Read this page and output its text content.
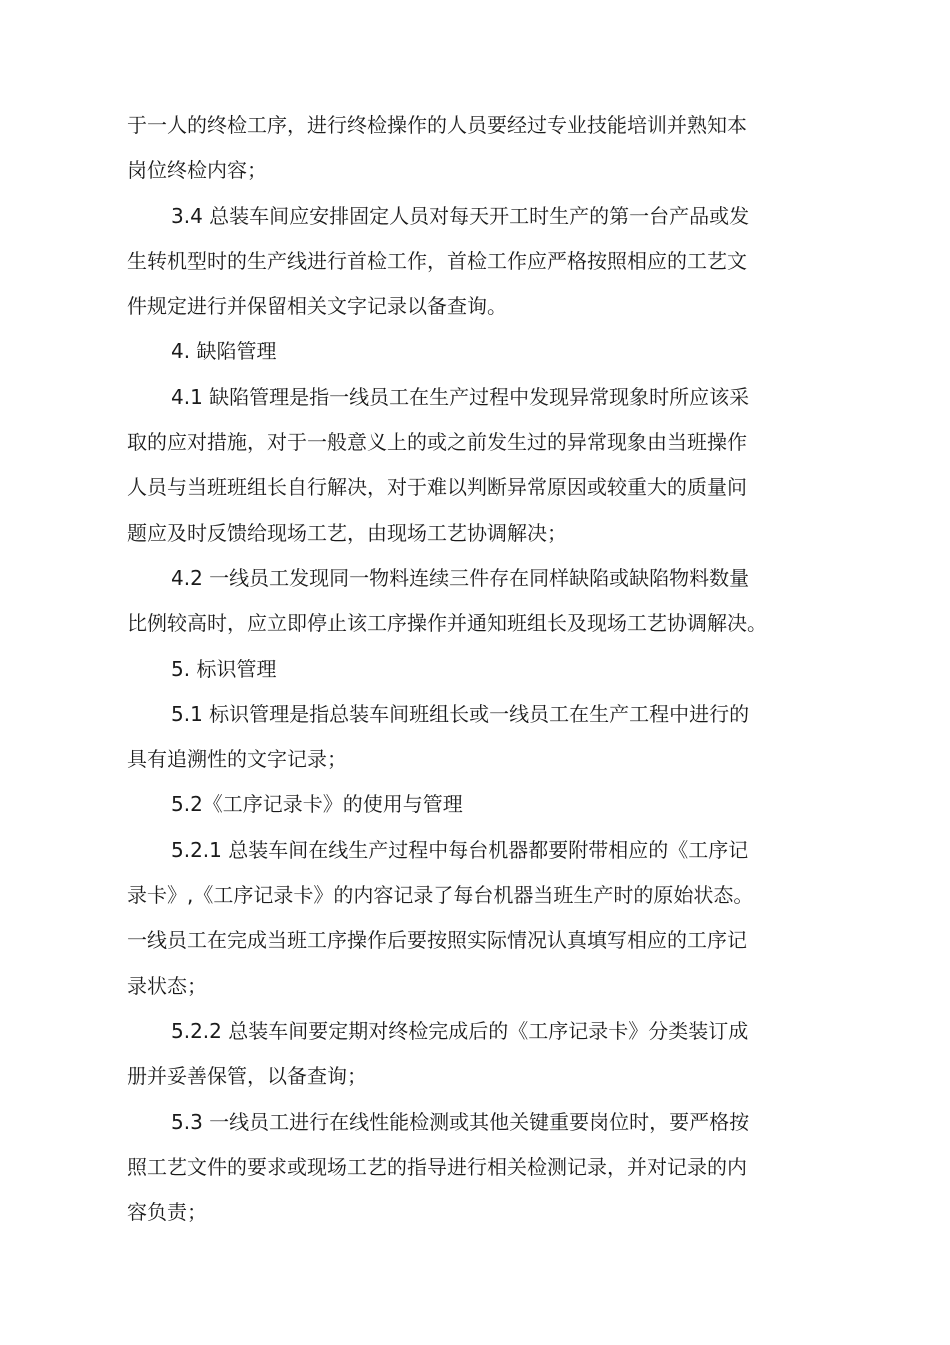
于一人的终检工序，进行终检操作的人员要经过专业技能培训并熟知本
岗位终检内容；
3.4 总装车间应安排固定人员对每天开工时生产的第一台产品或发
生转机型时的生产线进行首检工作，首检工作应严格按照相应的工艺文
件规定进行并保留相关文字记录以备查询。
4. 缺陷管理
4.1 缺陷管理是指一线员工在生产过程中发现异常现象时所应该采
取的应对措施，对于一般意义上的或之前发生过的异常现象由当班操作
人员与当班班组长自行解决，对于难以判断异常原因或较重大的质量问
题应及时反馈给现场工艺，由现场工艺协调解决；
4.2 一线员工发现同一物料连续三件存在同样缺陷或缺陷物料数量
比例较高时，应立即停止该工序操作并通知班组长及现场工艺协调解决。
5. 标识管理
5.1 标识管理是指总装车间班组长或一线员工在生产工程中进行的
具有追溯性的文字记录；
5.2《工序记录卡》的使用与管理
5.2.1 总装车间在线生产过程中每台机器都要附带相应的《工序记
录卡》,《工序记录卡》的内容记录了每台机器当班生产时的原始状态。
一线员工在完成当班工序操作后要按照实际情况认真填写相应的工序记
录状态；
5.2.2 总装车间要定期对终检完成后的《工序记录卡》分类装订成
册并妥善保管，以备查询；
5.3 一线员工进行在线性能检测或其他关键重要岗位时，要严格按
照工艺文件的要求或现场工艺的指导进行相关检测记录，并对记录的内
容负责；
